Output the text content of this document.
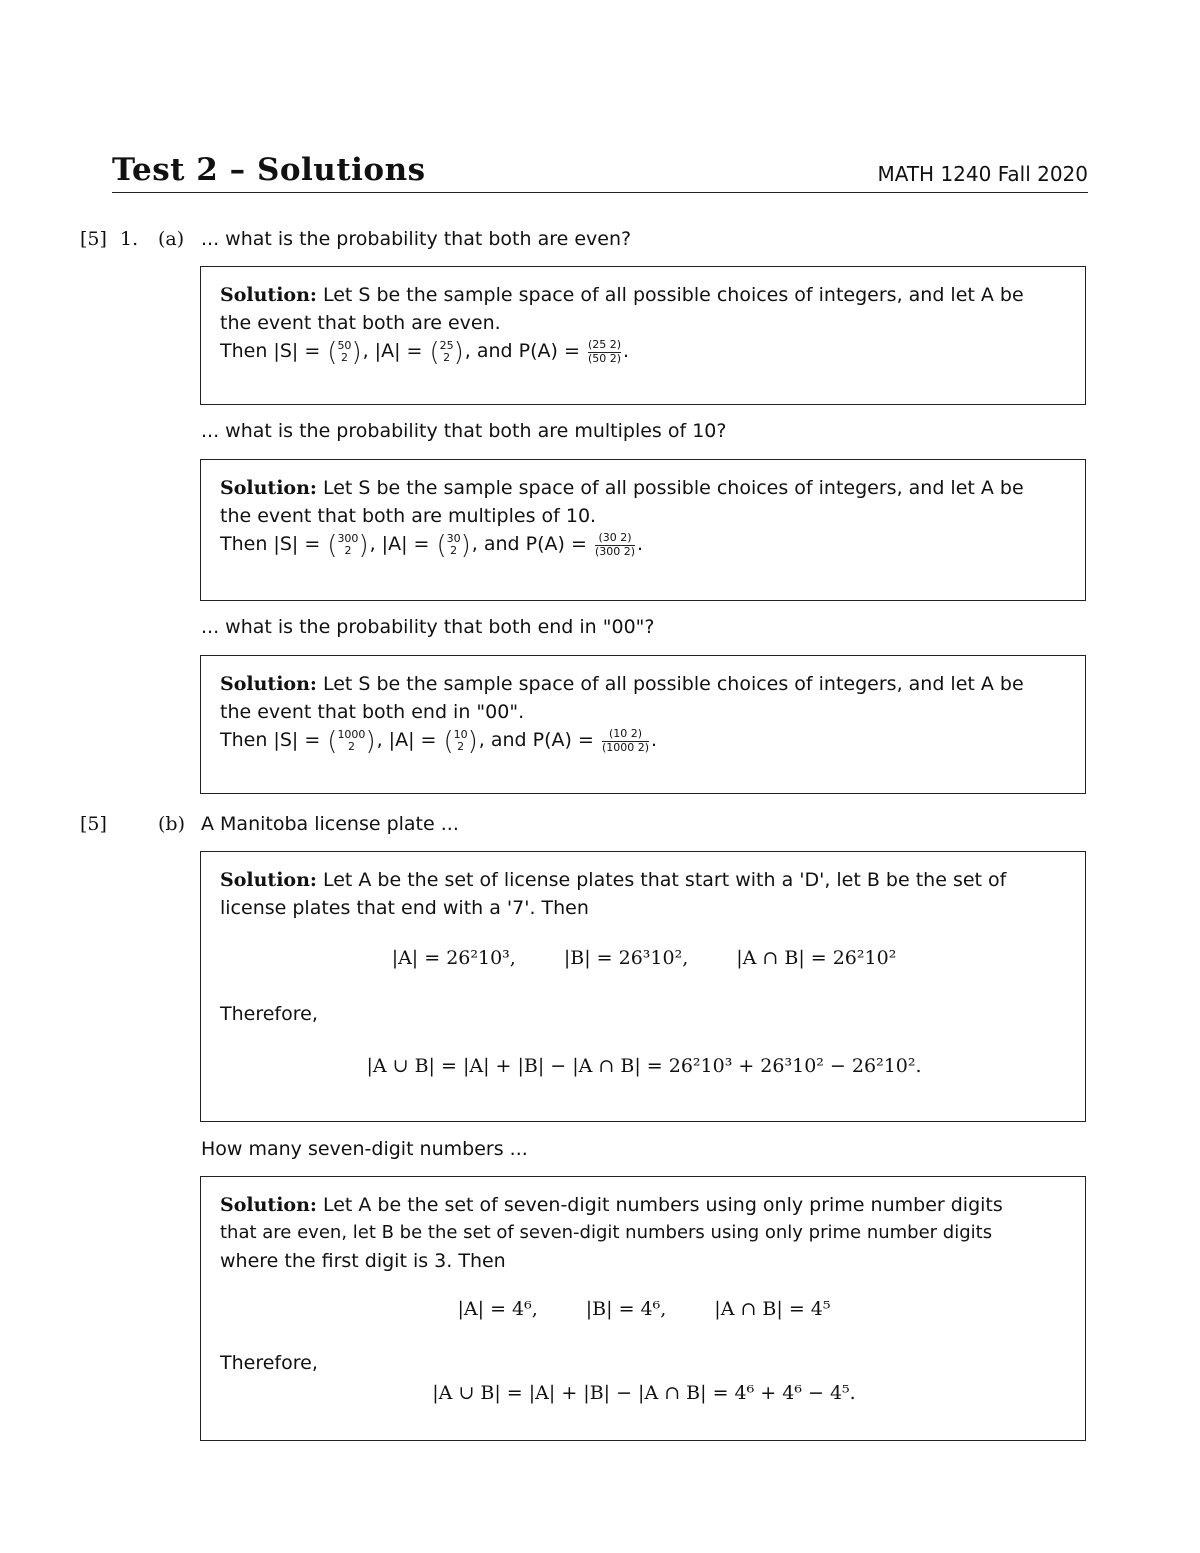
Test 2 – Solutions	MATH 1240 Fall 2020
[5] 1. (a) ... what is the probability that both are even?
Solution: Let S be the sample space of all possible choices of integers, and let A be
the event that both are even.
Then |S| = (50
2 ), |A| = (25
2 ), and $P(A) = \frac{(25 2)}{(50 2)}$ .
... what is the probability that both are multiples of 10?
Solution: Let S be the sample space of all possible choices of integers, and let A be
the event that both are multiples of 10.
Then |S| = (300
2 ), |A| = (30
2 ), and $P(A) = \frac{(30 2)}{(300 2)}$ .
... what is the probability that both end in "00"?
Solution: Let S be the sample space of all possible choices of integers, and let A be
the event that both end in "00".
Then |S| = (1000
2 ), |A| = (10
2 ), and $P(A) = \frac{(10 2)}{(1000 2)}$ .
[5]	(b) A Manitoba license plate ...
Solution: Let A be the set of license plates that start with a 'D', let B be the set of
license plates that end with a '7'. Then
|A| = 26²10³,	|B| = 26³10²,	|A ∩ B| = 26²10²
Therefore,
|A ∪ B| = |A| + |B| − |A ∩ B| = 26²10³ + 26³10² − 26²10².
How many seven-digit numbers ...
Solution: Let A be the set of seven-digit numbers using only prime number digits
that are even, let B be the set of seven-digit numbers using only prime number digits
where the first digit is 3. Then
|A| = 4⁶,	|B| = 4⁶,	|A ∩ B| = 4⁵
Therefore,
|A ∪ B| = |A| + |B| − |A ∩ B| = 4⁶ + 4⁶ − 4⁵.
